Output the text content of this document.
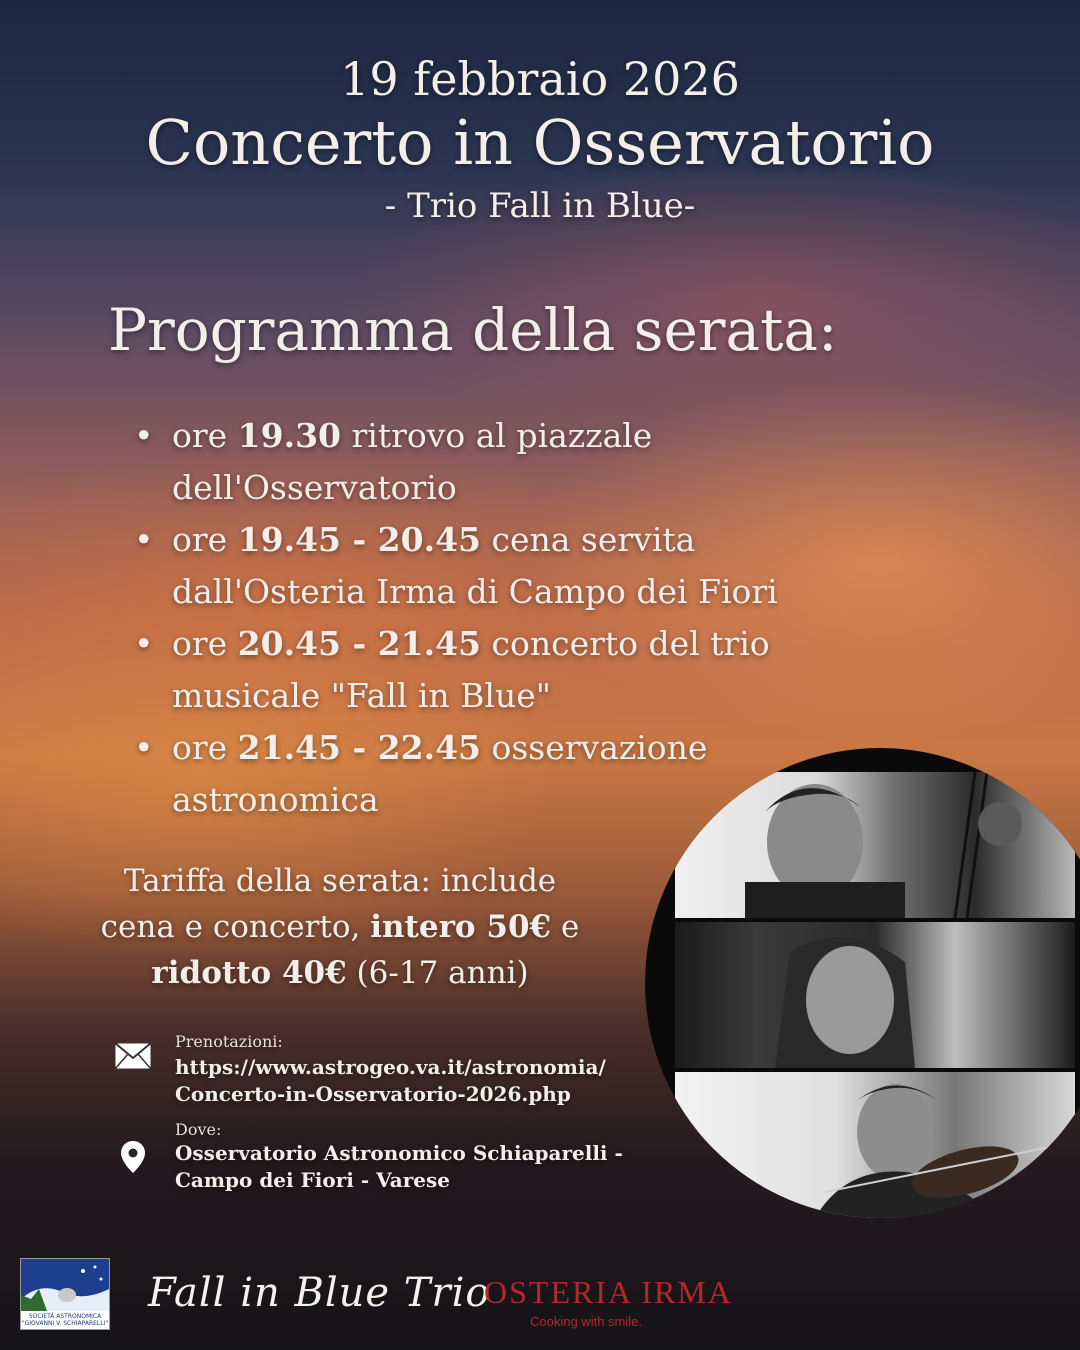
19 febbraio 2026
Concerto in Osservatorio
- Trio Fall in Blue-
Programma della serata:
• ore 19.30 ritrovo al piazzale dell'Osservatorio
• ore 19.45 - 20.45 cena servita dall'Osteria Irma di Campo dei Fiori
• ore 20.45 - 21.45 concerto del trio musicale "Fall in Blue"
• ore 21.45 - 22.45 osservazione astronomica
Tariffa della serata: include cena e concerto, intero 50€ e ridotto 40€ (6-17 anni)
Prenotazioni:
https://www.astrogeo.va.it/astronomia/
Concerto-in-Osservatorio-2026.php
Dove:
Osservatorio Astronomico Schiaparelli - Campo dei Fiori - Varese
SOCIETÀ ASTRONOMICA
"GIOVANNI V. SCHIAPARELLI"
Fall in Blue Trio
OSTERIA IRMA
Cooking with smile.
